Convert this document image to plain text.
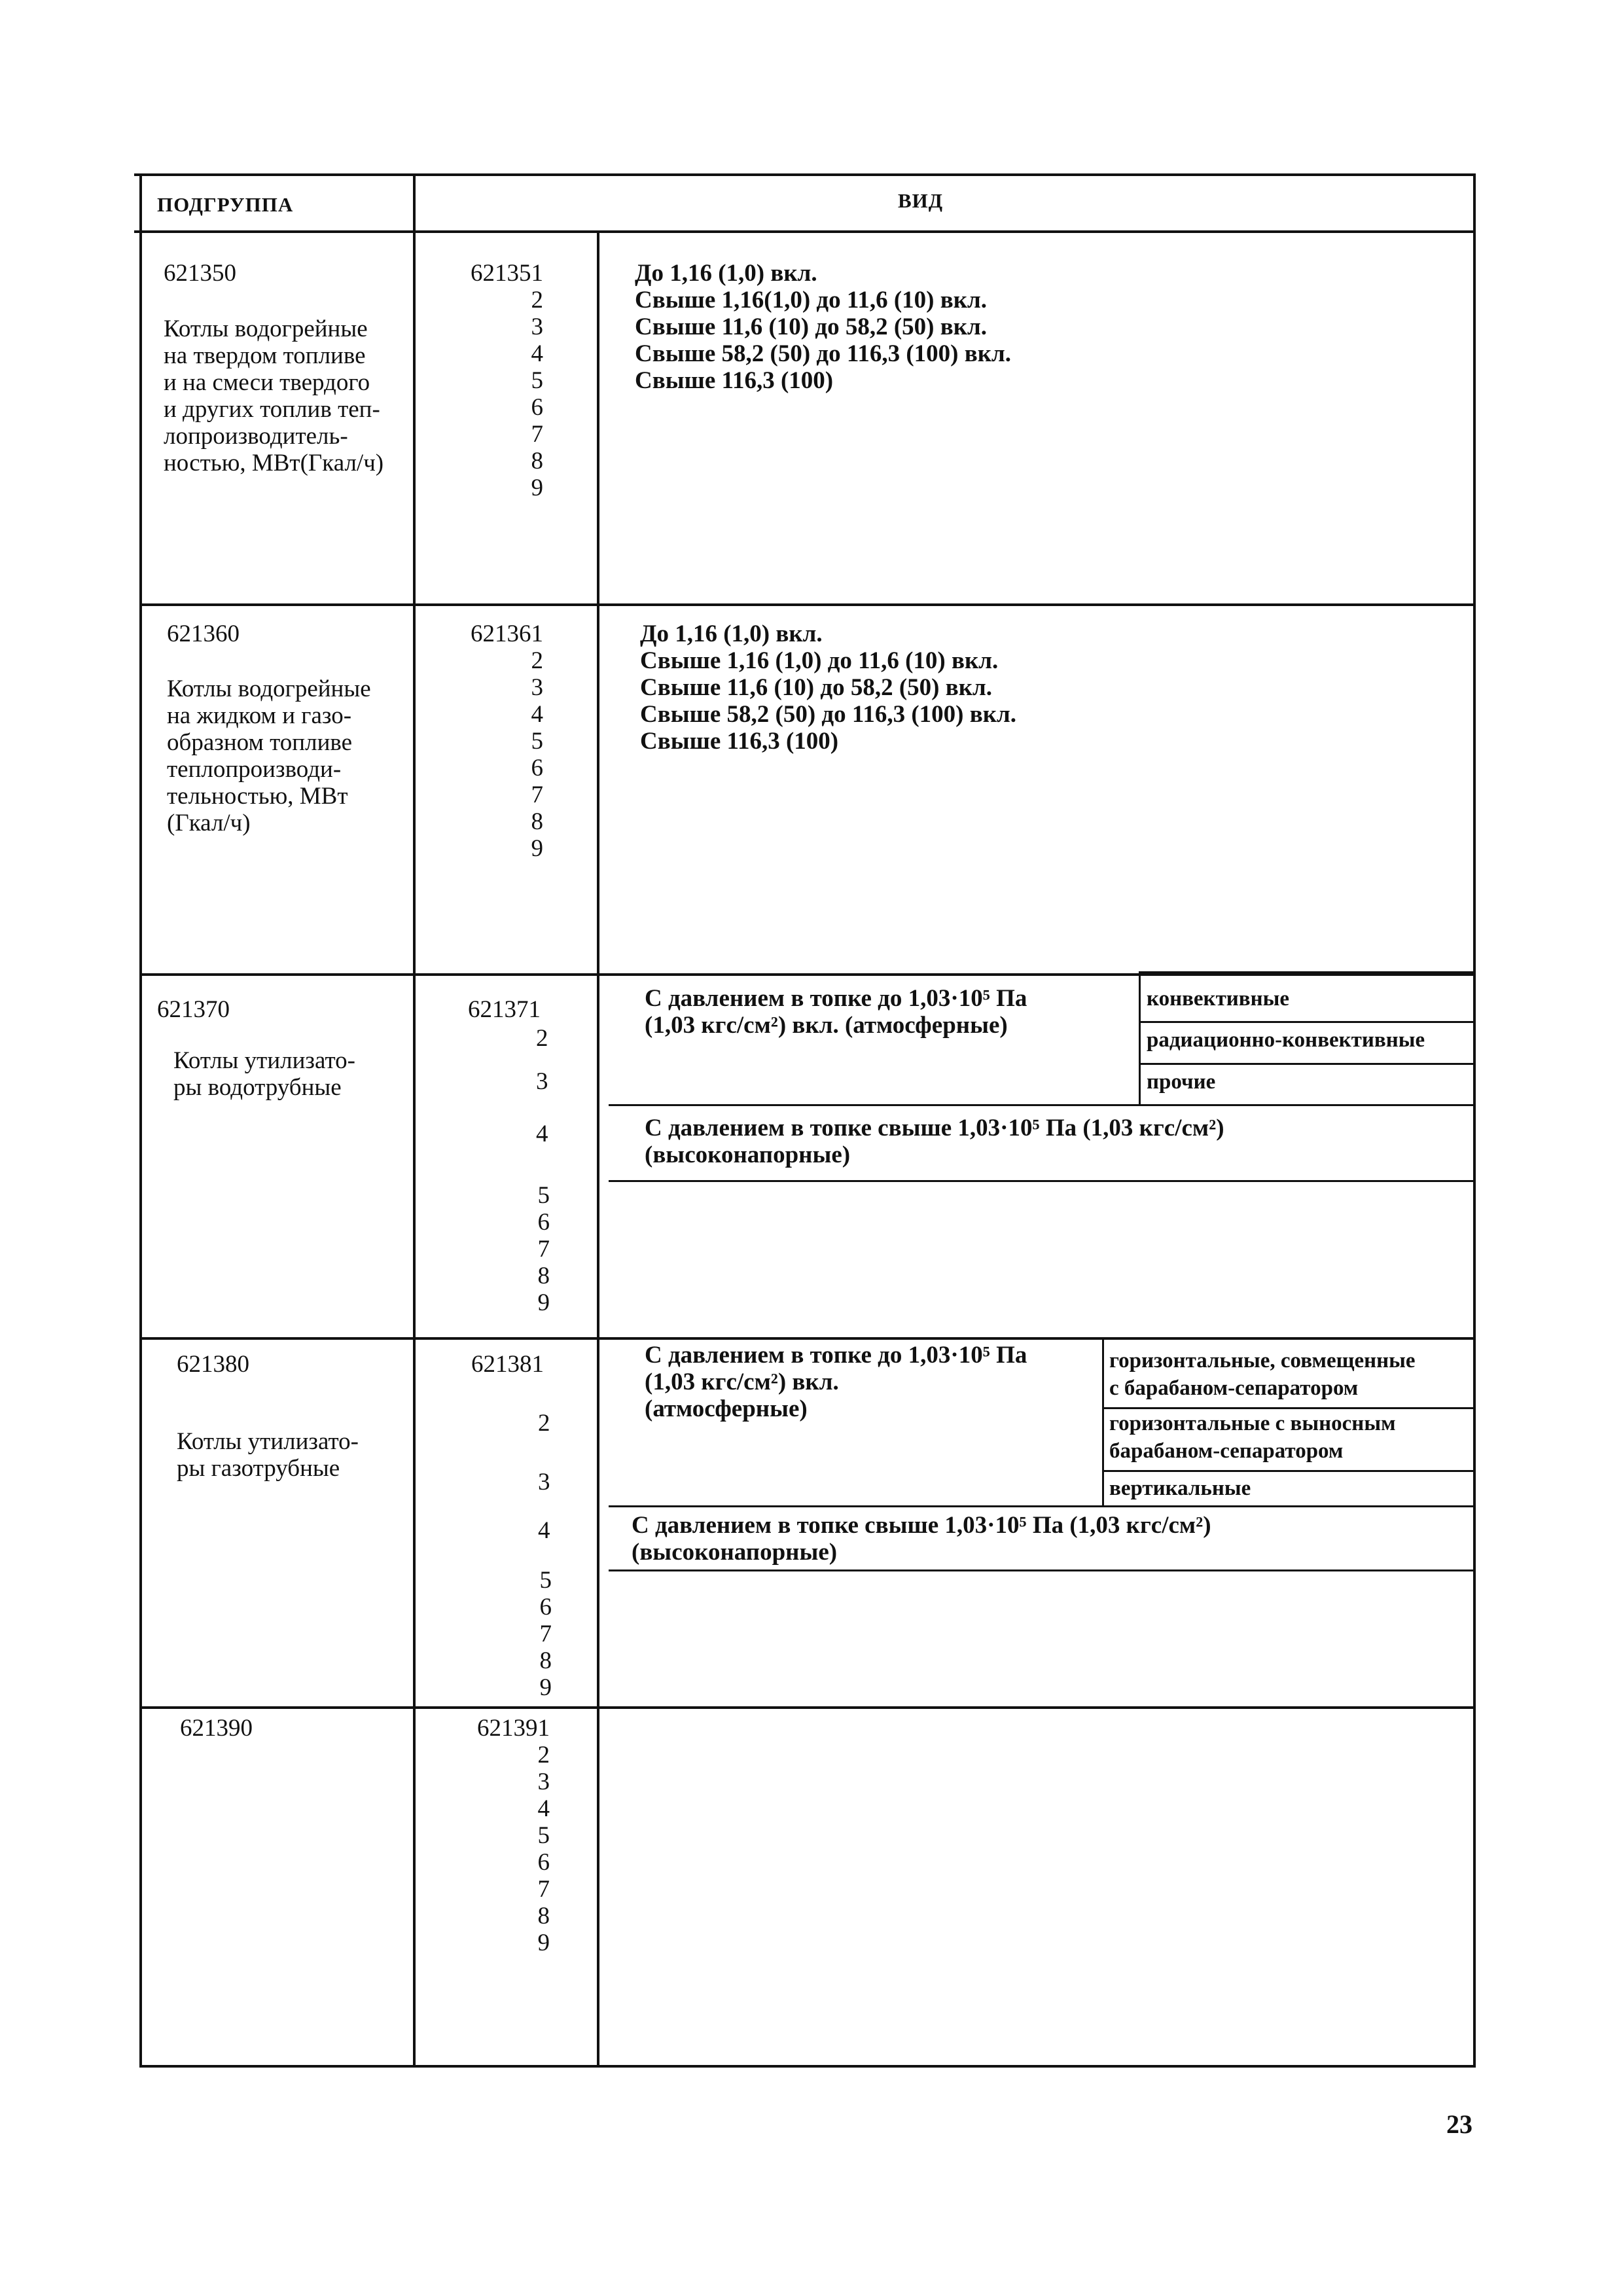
ПОДГРУППА	ВИД
621350
Котлы водогрейные
на твердом топливе
и на смеси твердого
и других топлив теп-
лопроизводитель-
ностью, МВт(Гкал/ч)
621351
2
3
4
5
6
7
8
9
До 1,16 (1,0) вкл.
Свыше 1,16(1,0) до 11,6 (10) вкл.
Свыше 11,6 (10) до 58,2 (50) вкл.
Свыше 58,2 (50) до 116,3 (100) вкл.
Свыше 116,3 (100)
621360
Котлы водогрейные
на жидком и газо-
образном топливе
теплопроизводи-
тельностью, МВт
(Гкал/ч)
621361
2
3
4
5
6
7
8
9
До 1,16 (1,0) вкл.
Свыше 1,16 (1,0) до 11,6 (10) вкл.
Свыше 11,6 (10) до 58,2 (50) вкл.
Свыше 58,2 (50) до 116,3 (100) вкл.
Свыше 116,3 (100)
621370
Котлы утилизато-
ры водотрубные
621371
2
3
4
5
6
7
8
9
С давлением в топке до 1,03·10⁵ Па
(1,03 кгс/см²) вкл. (атмосферные)
конвективные
радиационно-конвективные
прочие
С давлением в топке свыше 1,03·10⁵ Па (1,03 кгс/см²)
(высоконапорные)
621380
Котлы утилизато-
ры газотрубные
621381
2
3
4
5
6
7
8
9
С давлением в топке до 1,03·10⁵ Па
(1,03 кгс/см²) вкл.
(атмосферные)
горизонтальные, совмещенные
с барабаном-сепаратором
горизонтальные с выносным
барабаном-сепаратором
вертикальные
С давлением в топке свыше 1,03·10⁵ Па (1,03 кгс/см²)
(высоконапорные)
621390	621391
2
3
4
5
6
7
8
9
23
